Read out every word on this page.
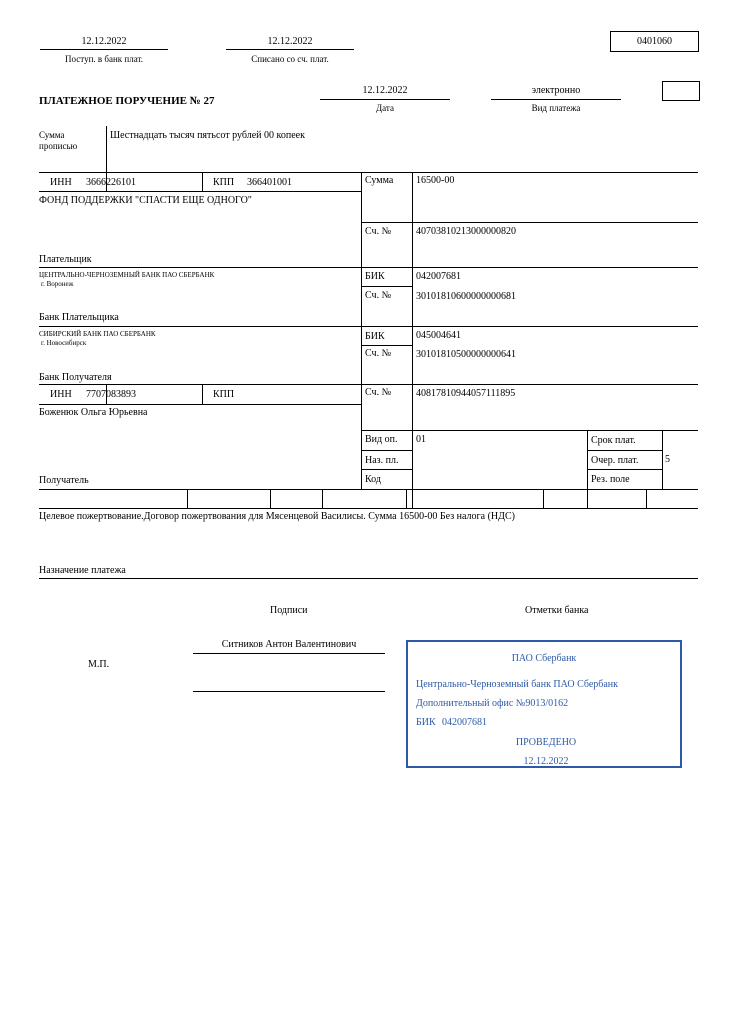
12.12.2022
Поступ. в банк плат.
12.12.2022
Списано со сч. плат.
0401060
ПЛАТЕЖНОЕ ПОРУЧЕНИЕ № 27
12.12.2022
Дата
электронно
Вид платежа
Сумма
прописью
Шестнадцать тысяч пятьсот рублей 00 копеек
ИНН 3666226101	КПП 366401001
ФОНД ПОДДЕРЖКИ "СПАСТИ ЕЩЕ ОДНОГО"
Плательщик
Сумма 16500-00
Сч. № 40703810213000000820
ЦЕНТРАЛЬНО-ЧЕРНОЗЕМНЫЙ БАНК ПАО СБЕРБАНК
г. Воронеж
Банк Плательщика
БИК	042007681
Сч. № 30101810600000000681
СИБИРСКИЙ БАНК ПАО СБЕРБАНК
г. Новосибирск
Банк Получателя
БИК	045004641
Сч. № 30101810500000000641
ИНН 7707083893	КПП
Боженюк Ольга Юрьевна
Получатель
Сч. № 40817810944057111895
Вид оп. 01
Наз. пл.
Код
Срок плат.
Очер. плат.	5
Рез. поле
Целевое пожертвование.Договор пожертвования для Мясенцевой Василисы. Сумма 16500-00 Без налога (НДС)
Назначение платежа
Подписи	Отметки банка
Ситников Антон Валентинович
М.П.
ПАО Сбербанк
Центрально-Черноземный банк ПАО Сбербанк
Дополнительный офис №9013/0162
БИК 042007681
ПРОВЕДЕНО
12.12.2022
